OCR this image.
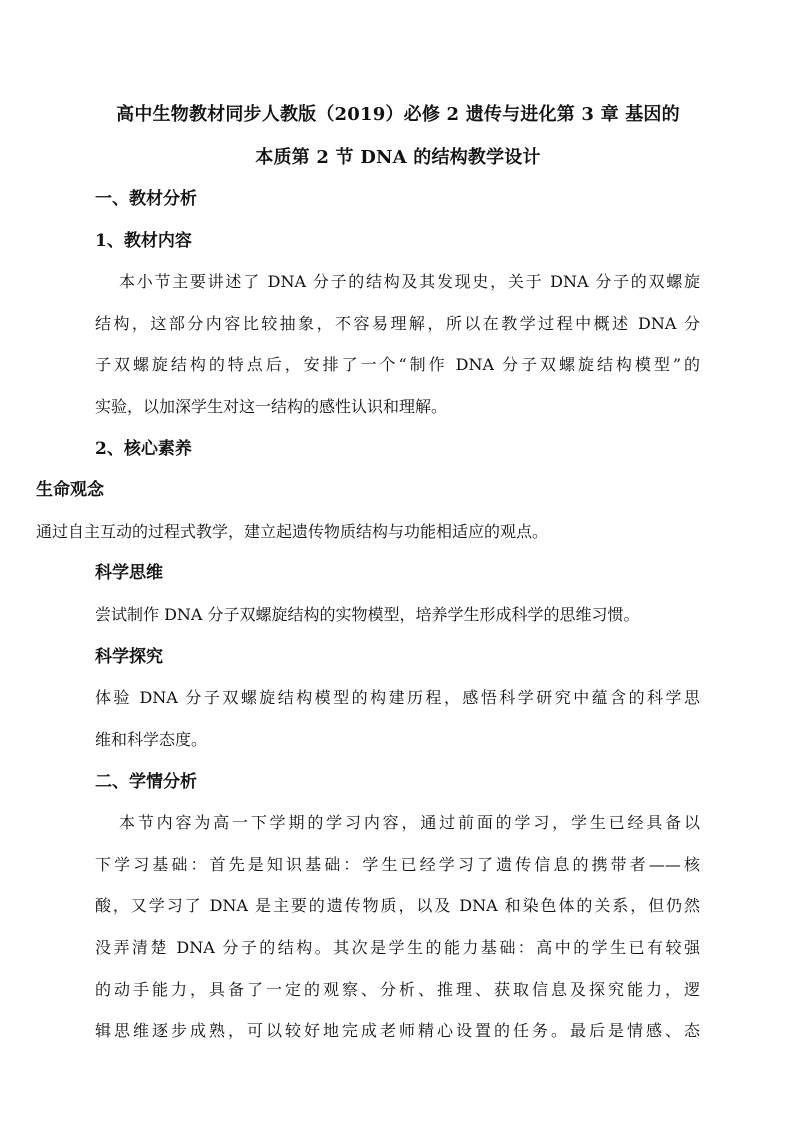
高中生物教材同步人教版（2019）必修 2 遗传与进化第 3 章 基因的
本质第 2 节 DNA 的结构教学设计
一、教材分析
1、教材内容
本小节主要讲述了 DNA 分子的结构及其发现史，关于 DNA 分子的双螺旋
结构，这部分内容比较抽象，不容易理解，所以在教学过程中概述 DNA 分
子双螺旋结构的特点后，安排了一个“制作 DNA 分子双螺旋结构模型”的
实验，以加深学生对这一结构的感性认识和理解。
2、核心素养
生命观念
通过自主互动的过程式教学，建立起遗传物质结构与功能相适应的观点。
科学思维
尝试制作 DNA 分子双螺旋结构的实物模型，培养学生形成科学的思维习惯。
科学探究
体验 DNA 分子双螺旋结构模型的构建历程，感悟科学研究中蕴含的科学思
维和科学态度。
二、学情分析
本节内容为高一下学期的学习内容，通过前面的学习，学生已经具备以
下学习基础：首先是知识基础：学生已经学习了遗传信息的携带者——核
酸，又学习了 DNA 是主要的遗传物质，以及 DNA 和染色体的关系，但仍然
没弄清楚 DNA 分子的结构。其次是学生的能力基础：高中的学生已有较强
的动手能力，具备了一定的观察、分析、推理、获取信息及探究能力，逻
辑思维逐步成熟，可以较好地完成老师精心设置的任务。最后是情感、态
